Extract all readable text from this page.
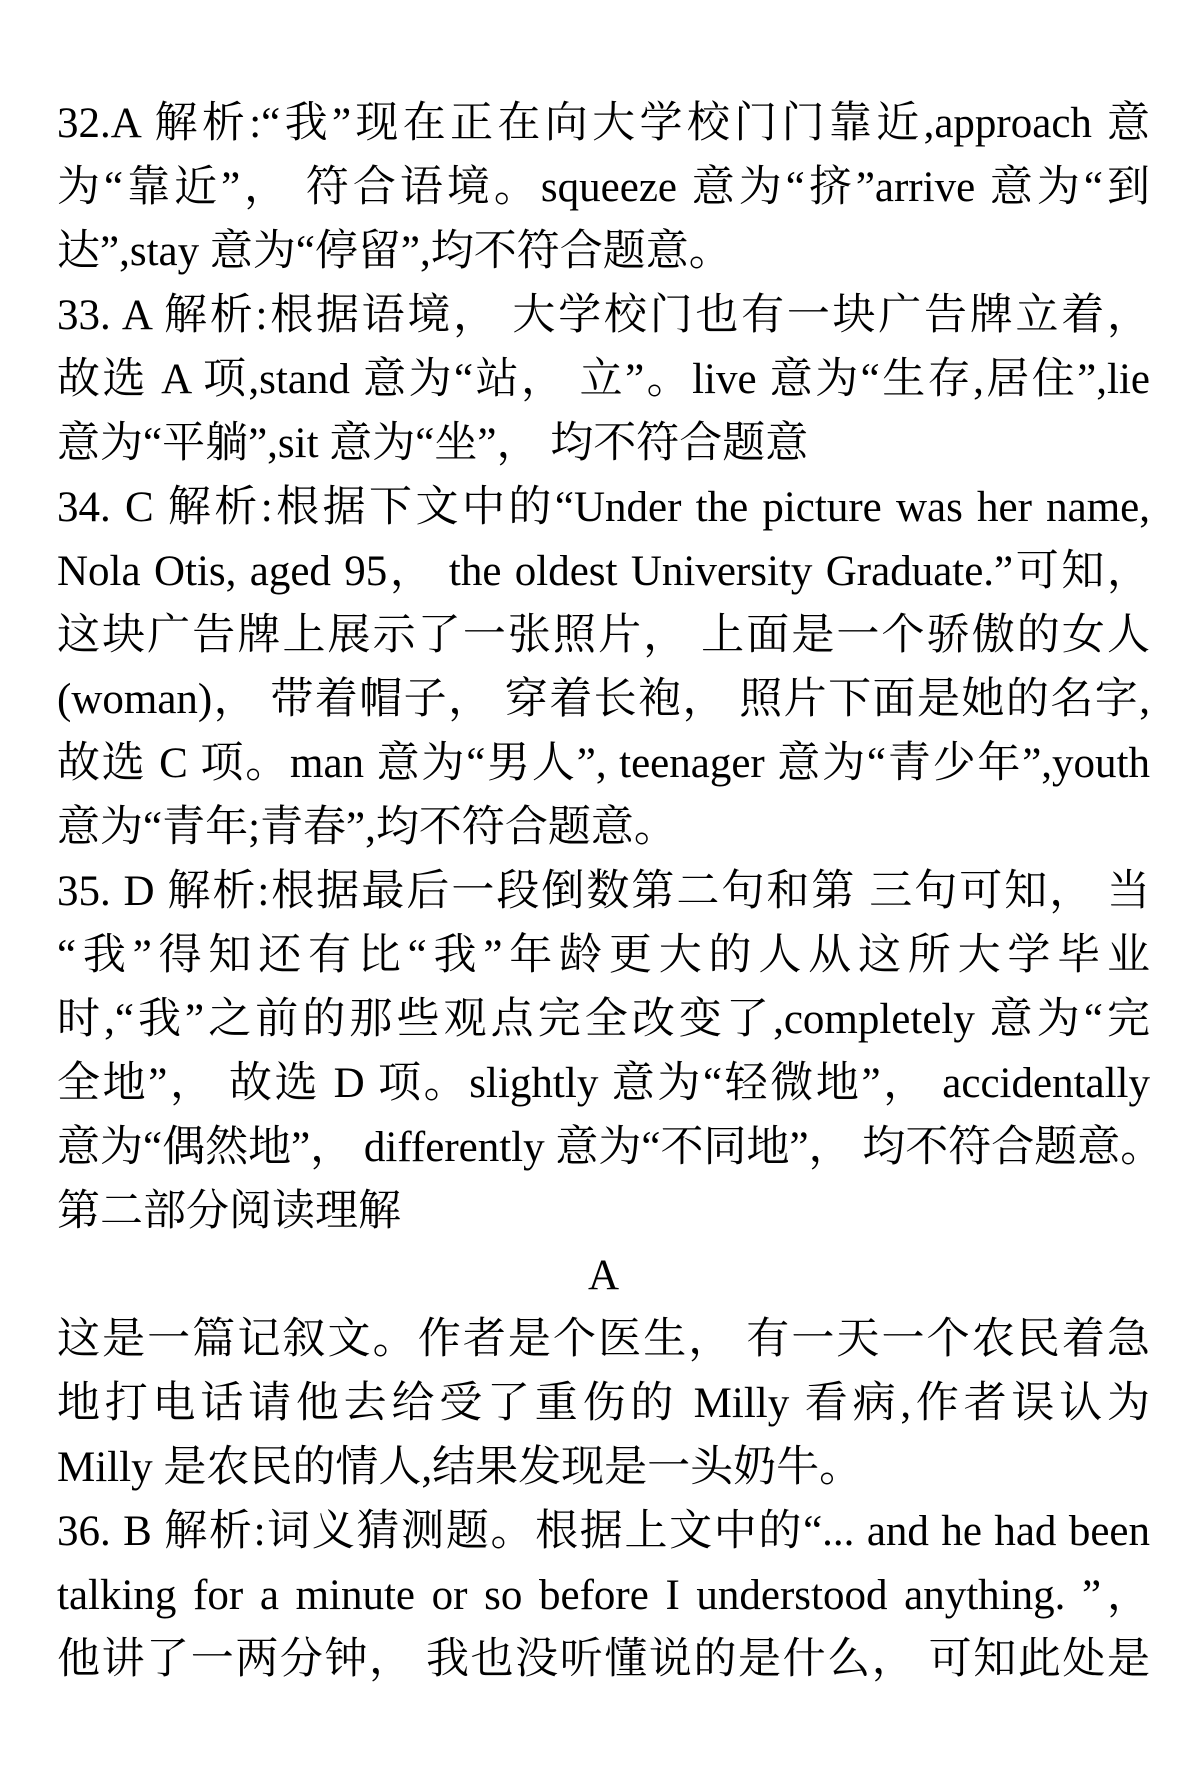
32.A 解析:“我”现在正在向大学校门门靠近,approach 意
为“靠近”， 符合语境。squeeze 意为“挤”arrive 意为“到
达”,stay 意为“停留”,均不符合题意。
33. A 解析:根据语境， 大学校门也有一块广告牌立着，
故选 A 项,stand 意为“站， 立”。live 意为“生存,居住”,lie
意为“平躺”,sit 意为“坐”， 均不符合题意
34. C 解析:根据下文中的“Under the picture was her name,
Nola Otis, aged 95， the oldest University Graduate.”可知，
这块广告牌上展示了一张照片， 上面是一个骄傲的女人
(woman)， 带着帽子， 穿着长袍， 照片下面是她的名字,
故选 C 项。man 意为“男人”, teenager 意为“青少年”,youth
意为“青年;青春”,均不符合题意。
35. D 解析:根据最后一段倒数第二句和第 三句可知， 当
“我”得知还有比“我”年龄更大的人从这所大学毕业
时,“我”之前的那些观点完全改变了,completely 意为“完
全地”， 故选 D 项。slightly 意为“轻微地”， accidentally
意为“偶然地”， differently 意为“不同地”， 均不符合题意。
第二部分阅读理解
A
这是一篇记叙文。作者是个医生， 有一天一个农民着急
地打电话请他去给受了重伤的 Milly 看病,作者误认为
Milly 是农民的情人,结果发现是一头奶牛。
36. B 解析:词义猜测题。根据上文中的“... and he had been
talking for a minute or so before I understood anything. ”，
他讲了一两分钟， 我也没听懂说的是什么， 可知此处是
